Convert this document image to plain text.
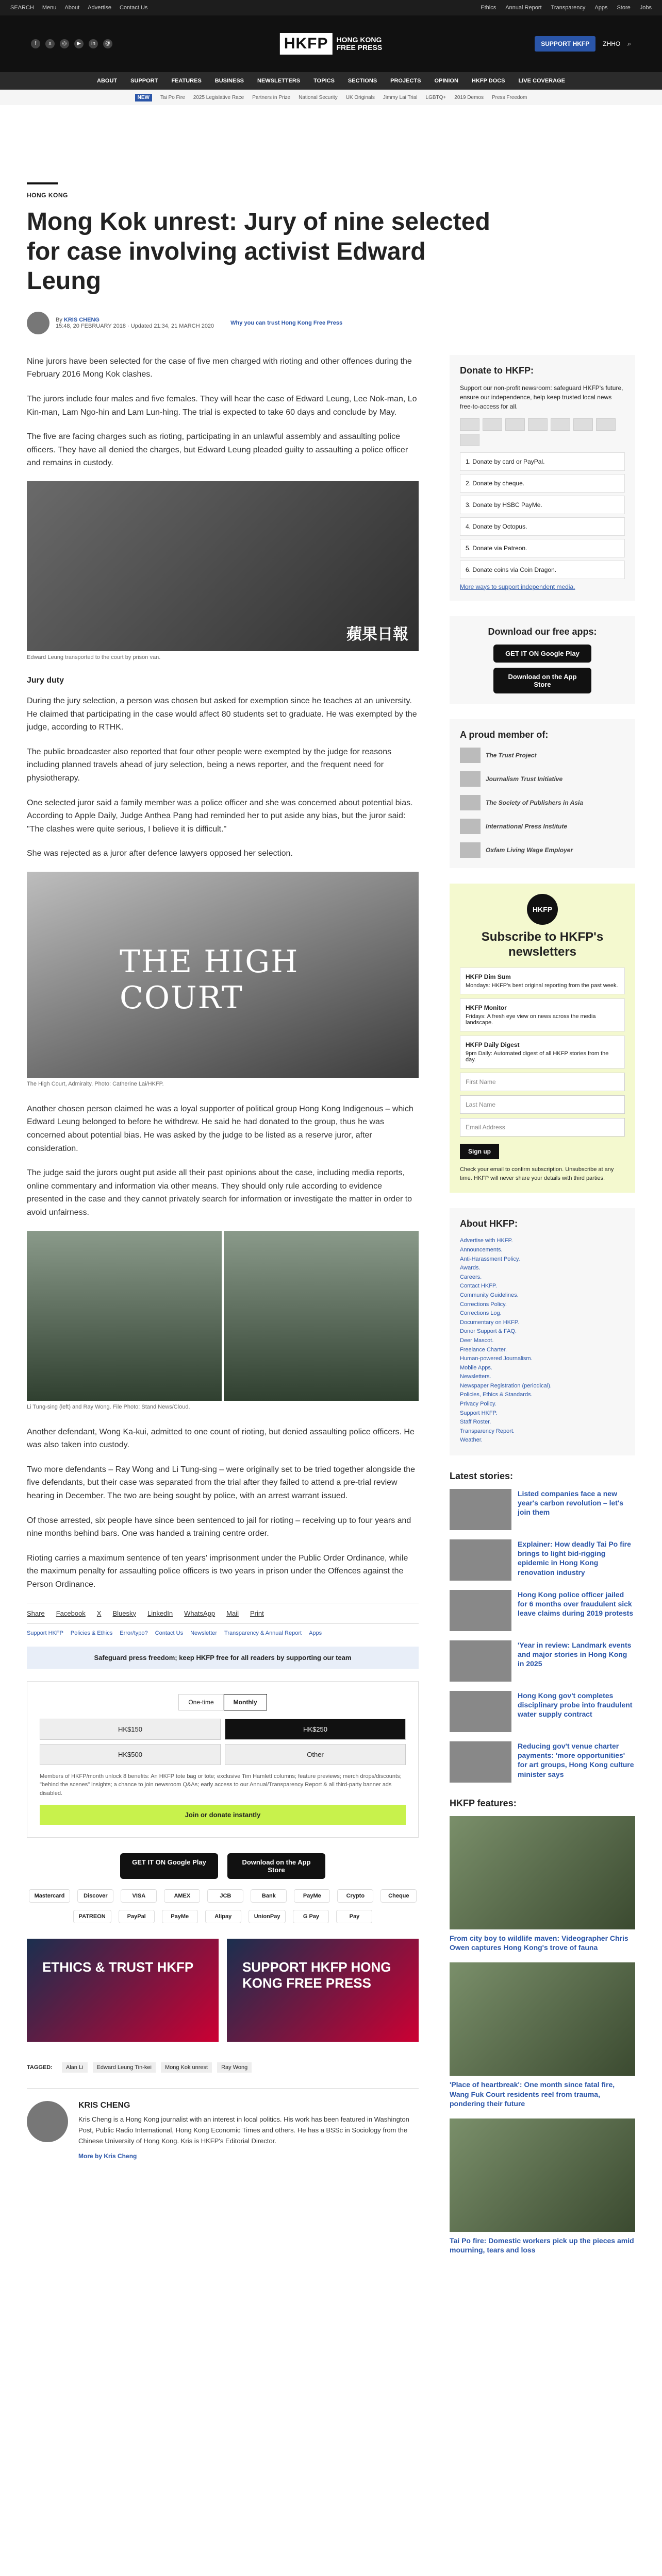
SEARCH Menu About Advertise Contact Us	Ethics Annual Report Transparency Apps Store Jobs
f	x	◎	▶	in	@	HKFP	HONG KONG
FREE PRESS	SUPPORT HKFP	ZHHO ⌕
ABOUT SUPPORT FEATURES BUSINESS NEWSLETTERS TOPICS SECTIONS PROJECTS OPINION HKFP DOCS LIVE COVERAGE
NEW	Tai Po Fire 2025 Legislative Race Partners in Prize National Security UK Originals Jimmy Lai Trial LGBTQ+ 2019 Demos Press Freedom
HONG KONG
Mong Kok unrest: Jury of nine selected for case involving activist Edward Leung
By KRIS CHENG
15:48, 20 FEBRUARY 2018 · Updated 21:34, 21 MARCH 2020	Why you can trust Hong Kong Free Press

Nine jurors have been selected for the case of five men charged with rioting and other offences during the February 2016 Mong Kok clashes.

The jurors include four males and five females. They will hear the case of Edward Leung, Lee Nok-man, Lo Kin-man, Lam Ngo-hin and Lam Lun-hing. The trial is expected to take 60 days and conclude by May.

The five are facing charges such as rioting, participating in an unlawful assembly and assaulting police officers. They have all denied the charges, but Edward Leung pleaded guilty to assaulting a police officer and remains in custody.

蘋果日報
Edward Leung transported to the court by prison van.
Jury duty

During the jury selection, a person was chosen but asked for exemption since he teaches at an university. He claimed that participating in the case would affect 80 students set to graduate. He was exempted by the judge, according to RTHK.

The public broadcaster also reported that four other people were exempted by the judge for reasons including planned travels ahead of jury selection, being a news reporter, and the frequent need for physiotherapy.

One selected juror said a family member was a police officer and she was concerned about potential bias. According to Apple Daily, Judge Anthea Pang had reminded her to put aside any bias, but the juror said: "The clashes were quite serious, I believe it is difficult."

She was rejected as a juror after defence lawyers opposed her selection.

THE HIGH COURT
The High Court, Admiralty. Photo: Catherine Lai/HKFP.

Another chosen person claimed he was a loyal supporter of political group Hong Kong Indigenous – which Edward Leung belonged to before he withdrew. He said he had donated to the group, thus he was concerned about potential bias. He was asked by the judge to be listed as a reserve juror, after consideration.

The judge said the jurors ought put aside all their past opinions about the case, including media reports, online commentary and information via other means. They should only rule according to evidence presented in the case and they cannot privately search for information or investigate the matter in order to avoid unfairness.

Li Tung-sing (left) and Ray Wong. File Photo: Stand News/Cloud.

Another defendant, Wong Ka-kui, admitted to one count of rioting, but denied assaulting police officers. He was also taken into custody.

Two more defendants – Ray Wong and Li Tung-sing – were originally set to be tried together alongside the five defendants, but their case was separated from the trial after they failed to attend a pre-trial review hearing in December. The two are being sought by police, with an arrest warrant issued.

Of those arrested, six people have since been sentenced to jail for rioting – receiving up to four years and nine months behind bars. One was handed a training centre order.

Rioting carries a maximum sentence of ten years' imprisonment under the Public Order Ordinance, while the maximum penalty for assaulting police officers is two years in prison under the Offences against the Person Ordinance.

Share Facebook X Bluesky LinkedIn WhatsApp Mail Print
Support HKFP Policies & Ethics Error/typo? Contact Us Newsletter Transparency & Annual Report Apps
Safeguard press freedom; keep HKFP free for all readers by supporting our team
One-time	Monthly
HK$150	HK$250
HK$500	Other
Members of HKFP/month unlock 8 benefits: An HKFP tote bag or tote; exclusive Tim Hamlett columns; feature previews; merch drops/discounts; "behind the scenes" insights; a chance to join newsroom Q&As; early access to our Annual/Transparency Report & all third-party banner ads disabled.
Join or donate instantly
GET IT ON Google Play	Download on the App Store
Mastercard	Discover	VISA	AMEX	JCB	Bank	PayMe	Crypto	Cheque
PATREON	PayPal	PayMe	Alipay	UnionPay	G Pay	Pay
ETHICS & TRUST HKFP	SUPPORT HKFP HONG KONG FREE PRESS
TAGGED:	Alan Li	Edward Leung Tin-kei	Mong Kok unrest	Ray Wong
KRIS CHENG

Kris Cheng is a Hong Kong journalist with an interest in local politics. His work has been featured in Washington Post, Public Radio International, Hong Kong Economic Times and others. He has a BSSc in Sociology from the Chinese University of Hong Kong. Kris is HKFP's Editorial Director.

More by Kris Cheng
Donate to HKFP:
Support our non-profit newsroom: safeguard HKFP's future, ensure our independence, help keep trusted local news free-to-access for all.
1. Donate by card or PayPal.
2. Donate by cheque.
3. Donate by HSBC PayMe.
4. Donate by Octopus.
5. Donate via Patreon.
6. Donate coins via Coin Dragon.
More ways to support independent media.
Download our free apps:
GET IT ON Google Play
Download on the App Store
A proud member of:
The Trust Project
Journalism Trust Initiative
The Society of Publishers in Asia
International Press Institute
Oxfam Living Wage Employer
HKFP
Subscribe to HKFP's newsletters
HKFP Dim Sum
Mondays: HKFP's best original reporting from the past week.
HKFP Monitor
Fridays: A fresh eye view on news across the media landscape.
HKFP Daily Digest
9pm Daily: Automated digest of all HKFP stories from the day.
First Name
Last Name
Email Address
Sign up
Check your email to confirm subscription. Unsubscribe at any time. HKFP will never share your details with third parties.
About HKFP:
Advertise with HKFP.
Announcements.
Anti-Harassment Policy.
Awards.
Careers.
Contact HKFP.
Community Guidelines.
Corrections Policy.
Corrections Log.
Documentary on HKFP.
Donor Support & FAQ.
Deer Mascot.
Freelance Charter.
Human-powered Journalism.
Mobile Apps.
Newsletters.
Newspaper Registration (periodical).
Policies, Ethics & Standards.
Privacy Policy.
Support HKFP.
Staff Roster.
Transparency Report.
Weather.
Latest stories:
Listed companies face a new year's carbon revolution – let's join them
Explainer: How deadly Tai Po fire brings to light bid-rigging epidemic in Hong Kong renovation industry
Hong Kong police officer jailed for 6 months over fraudulent sick leave claims during 2019 protests
'Year in review: Landmark events and major stories in Hong Kong in 2025
Hong Kong gov't completes disciplinary probe into fraudulent water supply contract
Reducing gov't venue charter payments: 'more opportunities' for art groups, Hong Kong culture minister says
HKFP features:
From city boy to wildlife maven: Videographer Chris Owen captures Hong Kong's trove of fauna
'Place of heartbreak': One month since fatal fire, Wang Fuk Court residents reel from trauma, pondering their future
Tai Po fire: Domestic workers pick up the pieces amid mourning, tears and loss
